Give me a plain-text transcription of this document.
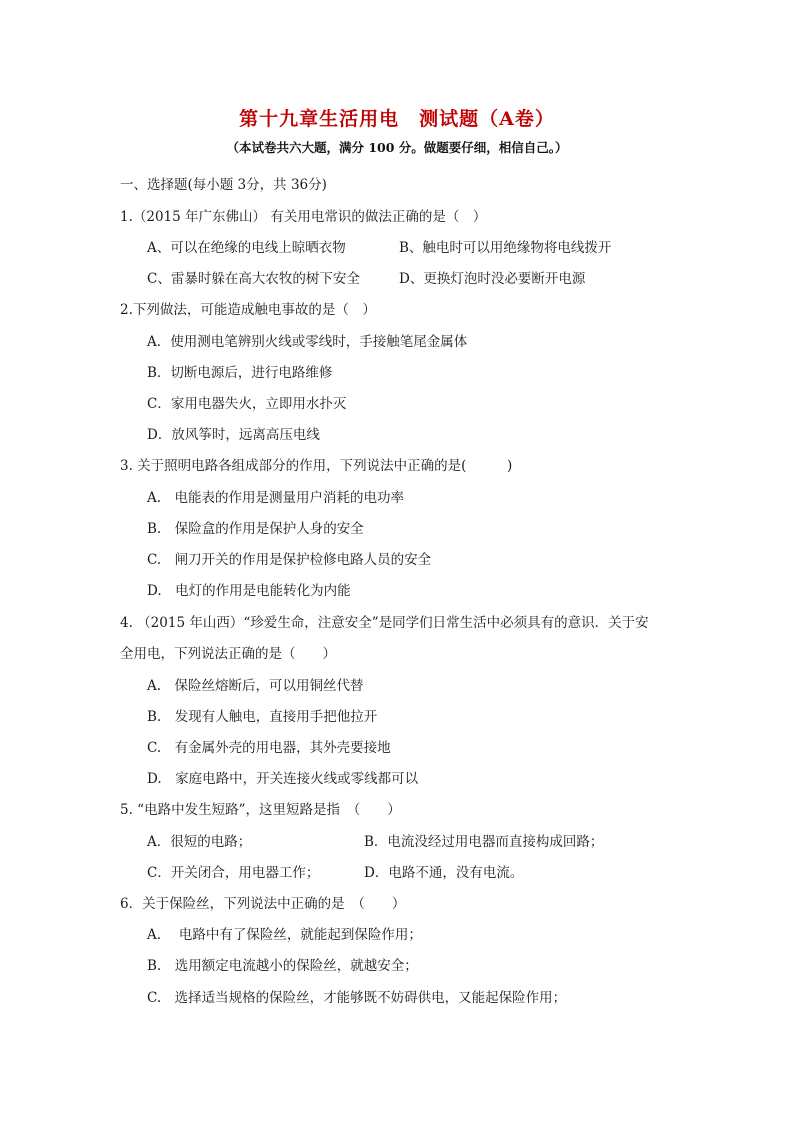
第十九章生活用电　测试题（A卷）
（本试卷共六大题，满分 100 分。做题要仔细，相信自己。）
一、选择题(每小题 3分，共 36分)
1.（2015 年广东佛山） 有关用电常识的做法正确的是（　）
A、可以在绝缘的电线上晾晒衣物	B、触电时可以用绝缘物将电线拨开
C、雷暴时躲在高大农牧的树下安全	D、更换灯泡时没必要断开电源
2.下列做法，可能造成触电事故的是（　）
A．使用测电笔辨别火线或零线时，手接触笔尾金属体
B．切断电源后，进行电路维修
C．家用电器失火，立即用水扑灭
D．放风筝时，远离高压电线
3. 关于照明电路各组成部分的作用，下列说法中正确的是(　　　)
A.　电能表的作用是测量用户消耗的电功率
B.　保险盒的作用是保护人身的安全
C.　闸刀开关的作用是保护检修电路人员的安全
D.　电灯的作用是电能转化为内能
4. （2015 年山西）“珍爱生命，注意安全”是同学们日常生活中必须具有的意识．关于安
全用电，下列说法正确的是（　　）
A.　保险丝熔断后，可以用铜丝代替
B.　发现有人触电，直接用手把他拉开
C.　有金属外壳的用电器，其外壳要接地
D.　家庭电路中，开关连接火线或零线都可以
5. “电路中发生短路”，这里短路是指　（　　）
A．很短的电路；	B．电流没经过用电器而直接构成回路；
C．开关闭合，用电器工作；	D．电路不通，没有电流。
6．关于保险丝，下列说法中正确的是　（　　）
A.　 电路中有了保险丝，就能起到保险作用；
B.　选用额定电流越小的保险丝，就越安全；
C.　选择适当规格的保险丝，才能够既不妨碍供电，又能起保险作用；
